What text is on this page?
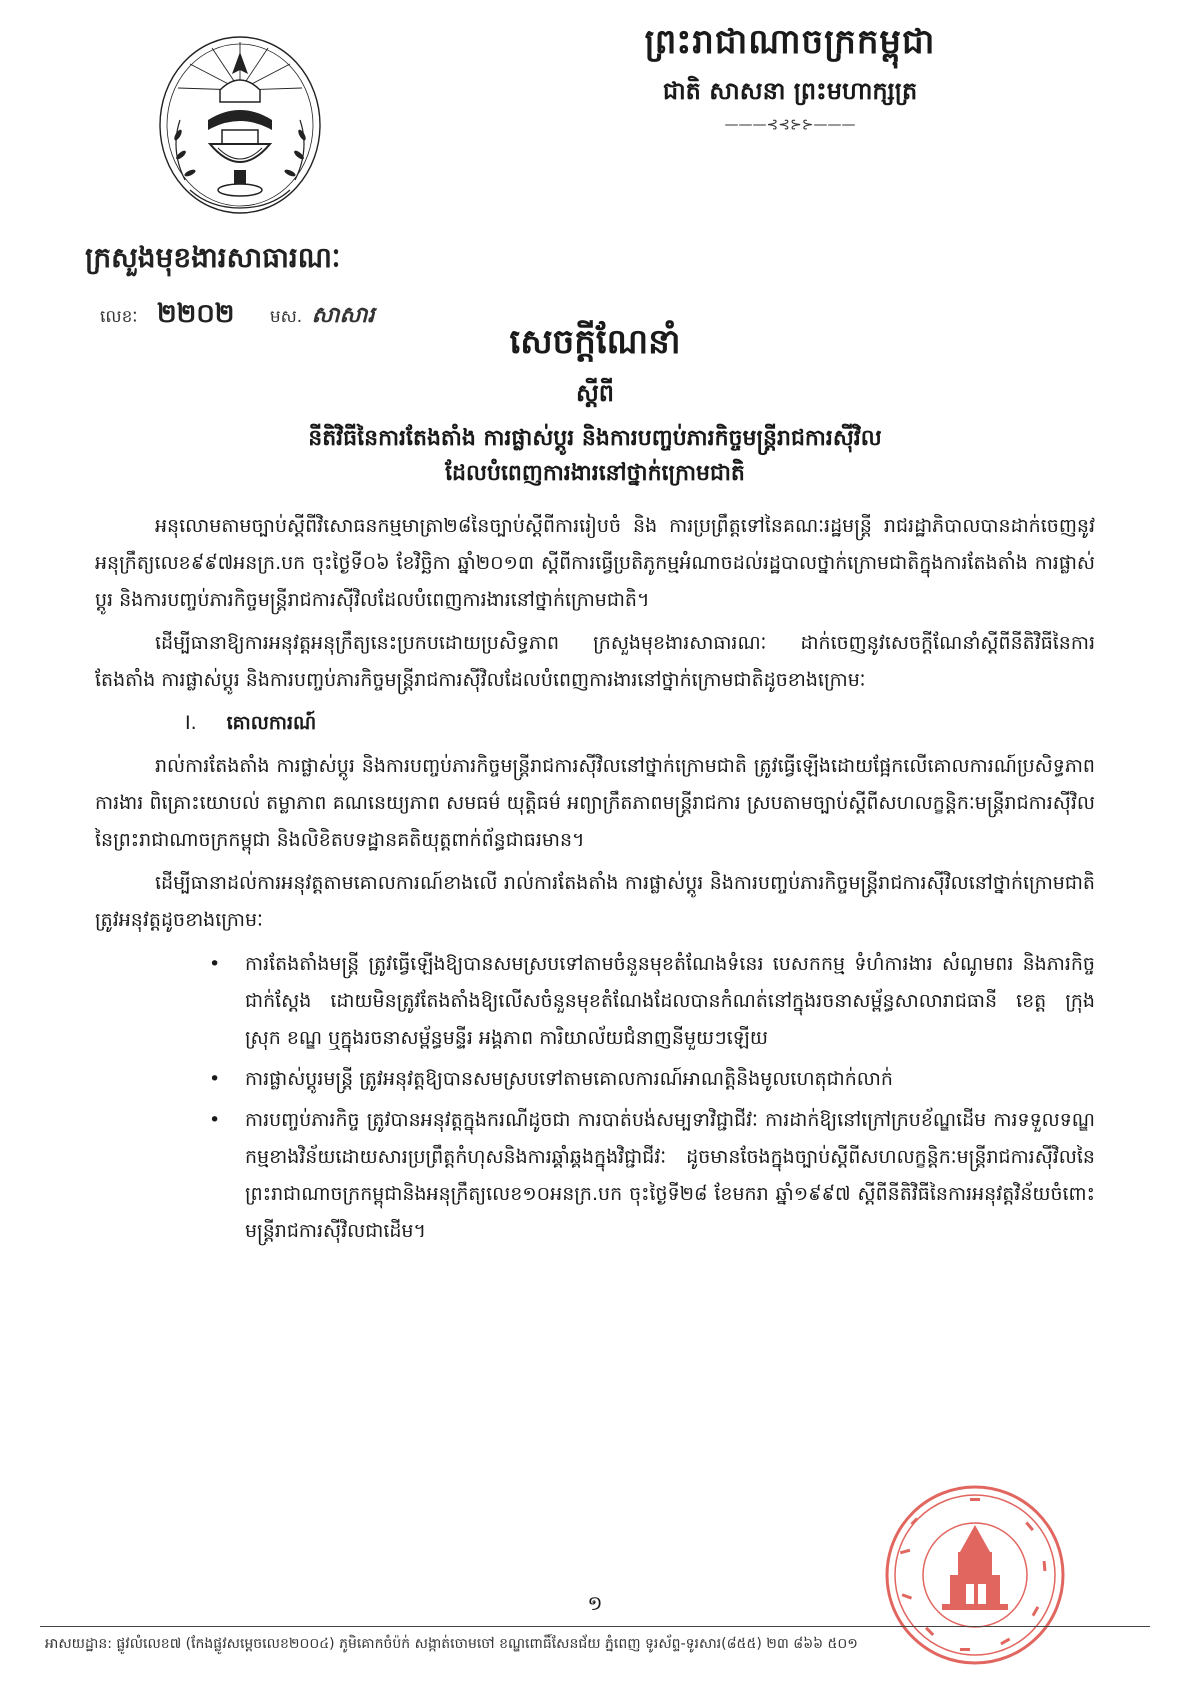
ក្រសួងមុខងារសាធារណៈ
ព្រះរាជាណាចក្រកម្ពុជា
ជាតិ សាសនា ព្រះមហាក្សត្រ
———⊰⊰⊱⊱———
លេខៈ ២២០២ មស. សាសារ
សេចក្តីណែនាំ
ស្តីពី
នីតិវិធីនៃការតែងតាំង ការផ្លាស់ប្តូរ និងការបញ្ចប់ភារកិច្ចមន្ត្រីរាជការស៊ីវិល
ដែលបំពេញការងារនៅថ្នាក់ក្រោមជាតិ

អនុលោមតាមច្បាប់ស្តីពីវិសោធនកម្មមាត្រា២៨នៃច្បាប់ស្តីពីការរៀបចំ និង ការប្រព្រឹត្តទៅនៃគណៈរដ្ឋមន្ត្រី រាជរដ្ឋាភិបាលបានដាក់ចេញនូវអនុក្រឹត្យលេខ៩៩៧អនក្រ.បក ចុះថ្ងៃទី០៦ ខែវិច្ឆិកា ឆ្នាំ២០១៣ ស្តីពីការធ្វើប្រតិភូកម្មអំណាចដល់រដ្ឋបាលថ្នាក់ក្រោមជាតិក្នុងការតែងតាំង ការផ្លាស់ប្តូរ និងការបញ្ចប់ភារកិច្ចមន្ត្រីរាជការស៊ីវិលដែលបំពេញការងារនៅថ្នាក់ក្រោមជាតិ។

ដើម្បីធានាឱ្យការអនុវត្តអនុក្រឹត្យនេះប្រកបដោយប្រសិទ្ធភាព ក្រសួងមុខងារសាធារណៈ ដាក់ចេញនូវសេចក្តីណែនាំស្តីពីនីតិវិធីនៃការតែងតាំង ការផ្លាស់ប្តូរ និងការបញ្ចប់ភារកិច្ចមន្ត្រីរាជការស៊ីវិលដែលបំពេញការងារនៅថ្នាក់ក្រោមជាតិដូចខាងក្រោមៈ

I. គោលការណ៍

រាល់ការតែងតាំង ការផ្លាស់ប្តូរ និងការបញ្ចប់ភារកិច្ចមន្ត្រីរាជការស៊ីវិលនៅថ្នាក់ក្រោមជាតិ ត្រូវធ្វើឡើងដោយផ្អែកលើគោលការណ៍ប្រសិទ្ធភាពការងារ ពិគ្រោះយោបល់ តម្លាភាព គណនេយ្យភាព សមធម៌ យុត្តិធម៌ អព្យាក្រឹតភាពមន្ត្រីរាជការ ស្របតាមច្បាប់ស្តីពីសហលក្ខន្តិកៈមន្ត្រីរាជការស៊ីវិលនៃព្រះរាជាណាចក្រកម្ពុជា និងលិខិតបទដ្ឋានគតិយុត្តពាក់ព័ន្ធជាធរមាន។

ដើម្បីធានាដល់ការអនុវត្តតាមគោលការណ៍ខាងលើ រាល់ការតែងតាំង ការផ្លាស់ប្តូរ និងការបញ្ចប់ភារកិច្ចមន្ត្រីរាជការស៊ីវិលនៅថ្នាក់ក្រោមជាតិត្រូវអនុវត្តដូចខាងក្រោមៈ

• ការតែងតាំងមន្ត្រី ត្រូវធ្វើឡើងឱ្យបានសមស្របទៅតាមចំនួនមុខតំណែងទំនេរ បេសកកម្ម ទំហំការងារ សំណូមពរ និងភារកិច្ចជាក់ស្តែង ដោយមិនត្រូវតែងតាំងឱ្យលើសចំនួនមុខតំណែងដែលបានកំណត់នៅក្នុងរចនាសម្ព័ន្ធសាលារាជធានី ខេត្ត ក្រុង ស្រុក ខណ្ឌ ឬក្នុងរចនាសម្ព័ន្ធមន្ទីរ អង្គភាព ការិយាល័យជំនាញនីមួយៗឡើយ
• ការផ្លាស់ប្តូរមន្ត្រី ត្រូវអនុវត្តឱ្យបានសមស្របទៅតាមគោលការណ៍អាណត្តិនិងមូលហេតុជាក់លាក់
• ការបញ្ចប់ភារកិច្ច ត្រូវបានអនុវត្តក្នុងករណីដូចជា ការបាត់បង់សម្បទាវិជ្ជាជីវៈ ការដាក់ឱ្យនៅក្រៅក្របខ័ណ្ឌដើម ការទទួលទណ្ឌកម្មខាងវិន័យដោយសារប្រព្រឹត្តកំហុសនិងការឆ្គាំឆ្គងក្នុងវិជ្ជាជីវៈ ដូចមានចែងក្នុងច្បាប់ស្តីពីសហលក្ខន្តិកៈមន្ត្រីរាជការស៊ីវិលនៃព្រះរាជាណាចក្រកម្ពុជានិងអនុក្រឹត្យលេខ១០អនក្រ.បក ចុះថ្ងៃទី២៨ ខែមករា ឆ្នាំ១៩៩៧ ស្តីពីនីតិវិធីនៃការអនុវត្តវិន័យចំពោះមន្ត្រីរាជការស៊ីវិលជាដើម។
១
អាសយដ្ឋាន: ផ្លូវលំលេខ៧ (កែងផ្លូវសម្តេចលេខ២០០៤) ភូមិគោកចំប៉ក់ សង្កាត់ចោមចៅ ខណ្ឌពោធិ៍សែនជ័យ ភ្នំពេញ ទូរស័ព្ទ-ទូរសារ(៨៥៥) ២៣ ៨៦៦ ៥០១
